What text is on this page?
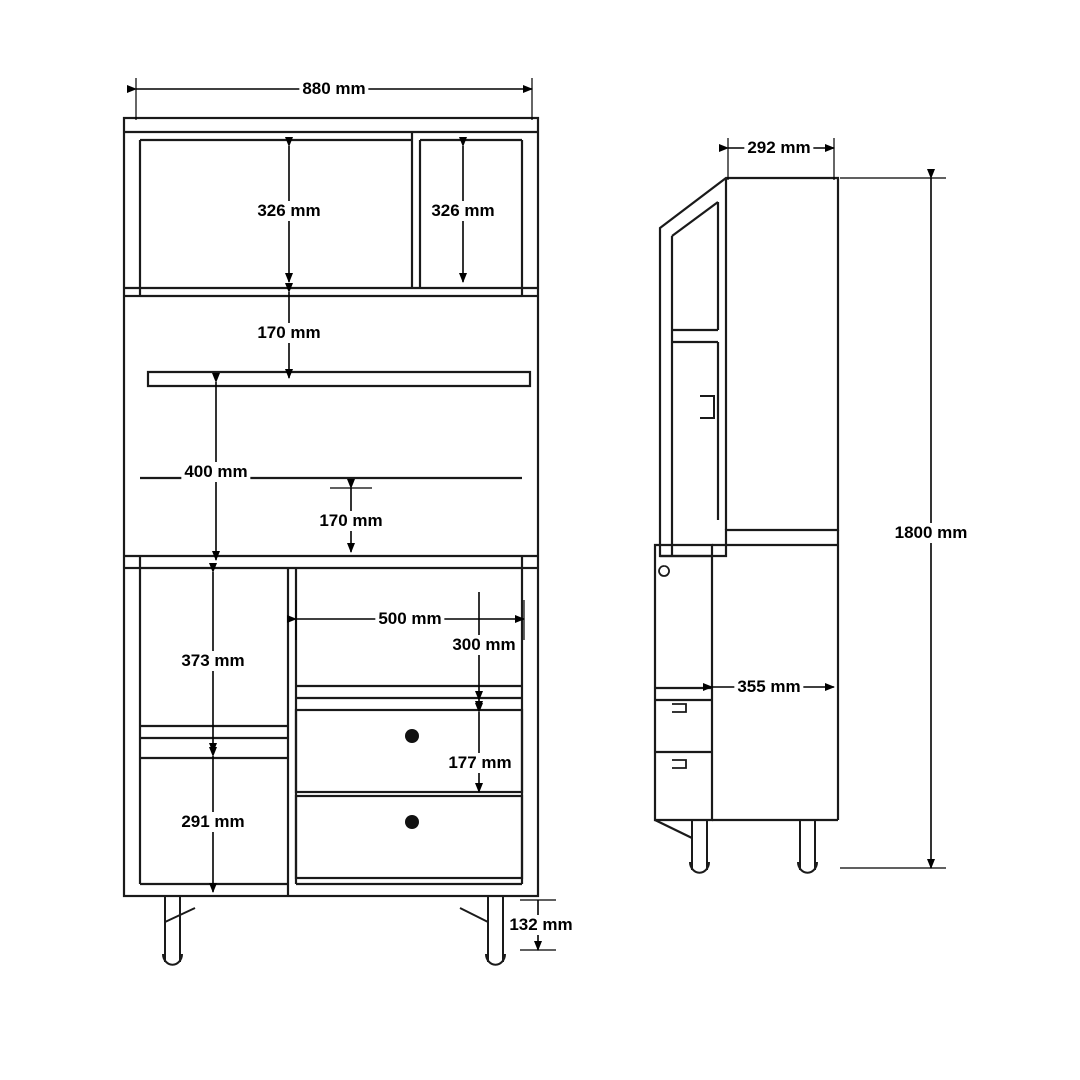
880 mm
326 mm	326 mm
170 mm
400 mm
170 mm
373 mm
500 mm
300 mm
177 mm
291 mm
132 mm
292 mm
1800 mm
355 mm
